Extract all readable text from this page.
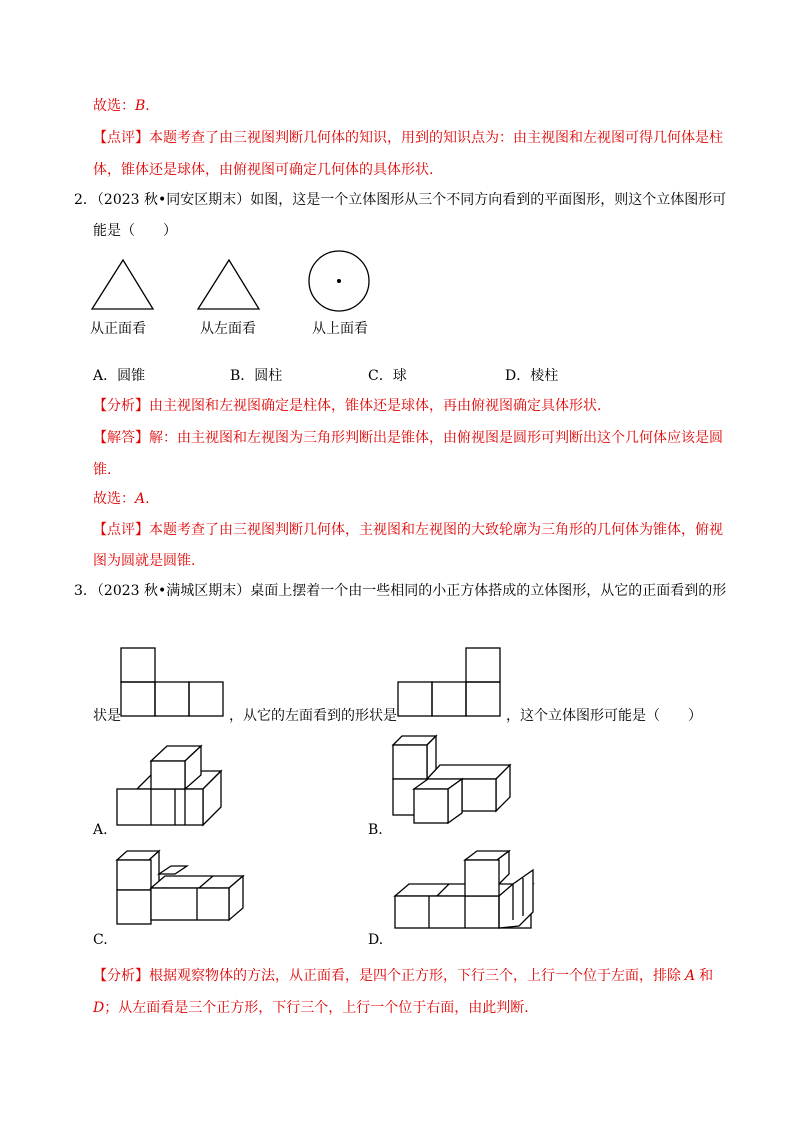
故选：B.
【点评】本题考查了由三视图判断几何体的知识，用到的知识点为：由主视图和左视图可得几何体是柱
体，锥体还是球体，由俯视图可确定几何体的具体形状.
2．（2023 秋•同安区期末）如图，这是一个立体图形从三个不同方向看到的平面图形，则这个立体图形可
能是（　　）
从正面看	从左面看	从上面看
A．圆锥	B．圆柱	C．球	D．棱柱
【分析】由主视图和左视图确定是柱体，锥体还是球体，再由俯视图确定具体形状.
【解答】解：由主视图和左视图为三角形判断出是锥体，由俯视图是圆形可判断出这个几何体应该是圆
锥.
故选：A.
【点评】本题考查了由三视图判断几何体，主视图和左视图的大致轮廓为三角形的几何体为锥体，俯视
图为圆就是圆锥.
3．（2023 秋•满城区期末）桌面上摆着一个由一些相同的小正方体搭成的立体图形，从它的正面看到的形
状是	，从它的左面看到的形状是	，这个立体图形可能是（　　）
A.	B.
C.	D.
【分析】根据观察物体的方法，从正面看，是四个正方形，下行三个，上行一个位于左面，排除 A 和
D；从左面看是三个正方形，下行三个，上行一个位于右面，由此判断.
